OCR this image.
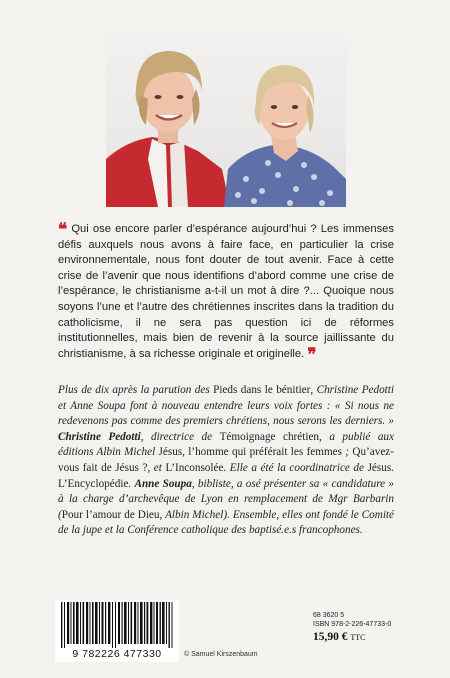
❝ Qui ose encore parler d’espérance aujourd’hui ? Les immenses défis auxquels nous avons à faire face, en particulier la crise environnementale, nous font douter de tout avenir. Face à cette crise de l’avenir que nous identifions d’abord comme une crise de l’espérance, le christianisme a-t-il un mot à dire ?... Quoique nous soyons l’une et l’autre des chrétiennes inscrites dans la tradition du catholicisme, il ne sera pas question ici de réformes institutionnelles, mais bien de revenir à la source jaillissante du christianisme, à sa richesse originale et originelle. ❞
Plus de dix après la parution des Pieds dans le bénitier, Christine Pedotti et Anne Soupa font à nouveau entendre leurs voix fortes : « Si nous ne redevenons pas comme des premiers chrétiens, nous serons les derniers. » Christine Pedotti, directrice de Témoignage chrétien, a publié aux éditions Albin Michel Jésus, l’homme qui préférait les femmes ; Qu’avez-vous fait de Jésus ?, et L’Inconsolée. Elle a été la coordinatrice de Jésus. L’Encyclopédie. Anne Soupa, bibliste, a osé présenter sa « candidature » à la charge d’archevêque de Lyon en remplacement de Mgr Barbarin (Pour l’amour de Dieu, Albin Michel). Ensemble, elles ont fondé le Comité de la jupe et la Conférence catholique des baptisé.e.s francophones.
9 782226 477330	© Samuel Kirszenbaum
68 3620 5
ISBN 978-2-226-47733-0
15,90 € TTC
